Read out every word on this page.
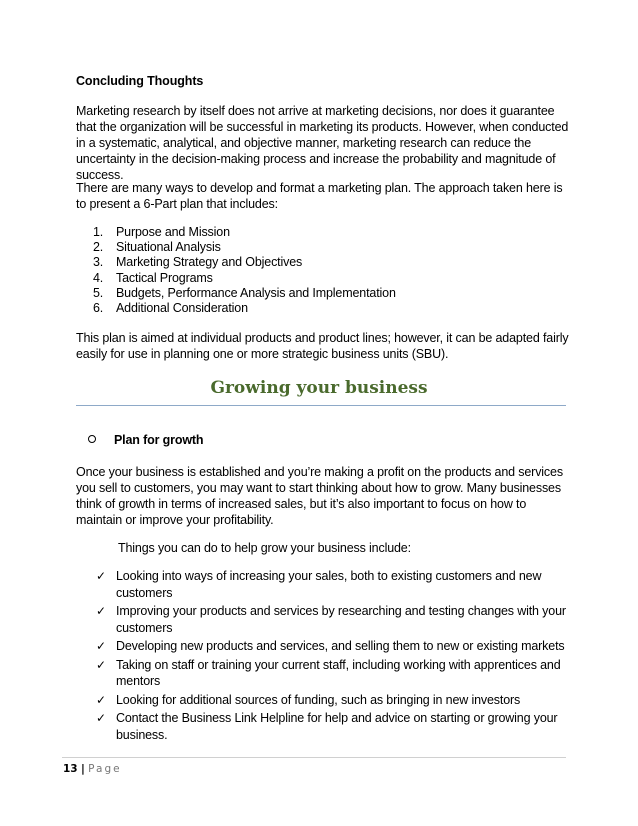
Concluding Thoughts
Marketing research by itself does not arrive at marketing decisions, nor does it guarantee that the organization will be successful in marketing its products. However, when conducted in a systematic, analytical, and objective manner, marketing research can reduce the uncertainty in the decision-making process and increase the probability and magnitude of success.
There are many ways to develop and format a marketing plan. The approach taken here is to present a 6-Part plan that includes:
1. Purpose and Mission
2. Situational Analysis
3. Marketing Strategy and Objectives
4. Tactical Programs
5. Budgets, Performance Analysis and Implementation
6. Additional Consideration
This plan is aimed at individual products and product lines; however, it can be adapted fairly easily for use in planning one or more strategic business units (SBU).
Growing your business
Plan for growth
Once your business is established and you’re making a profit on the products and services you sell to customers, you may want to start thinking about how to grow. Many businesses think of growth in terms of increased sales, but it’s also important to focus on how to maintain or improve your profitability.
Things you can do to help grow your business include:
✓ Looking into ways of increasing your sales, both to existing customers and new customers
✓ Improving your products and services by researching and testing changes with your customers
✓ Developing new products and services, and selling them to new or existing markets
✓ Taking on staff or training your current staff, including working with apprentices and mentors
✓ Looking for additional sources of funding, such as bringing in new investors
✓ Contact the Business Link Helpline for help and advice on starting or growing your business.
13 | Page
